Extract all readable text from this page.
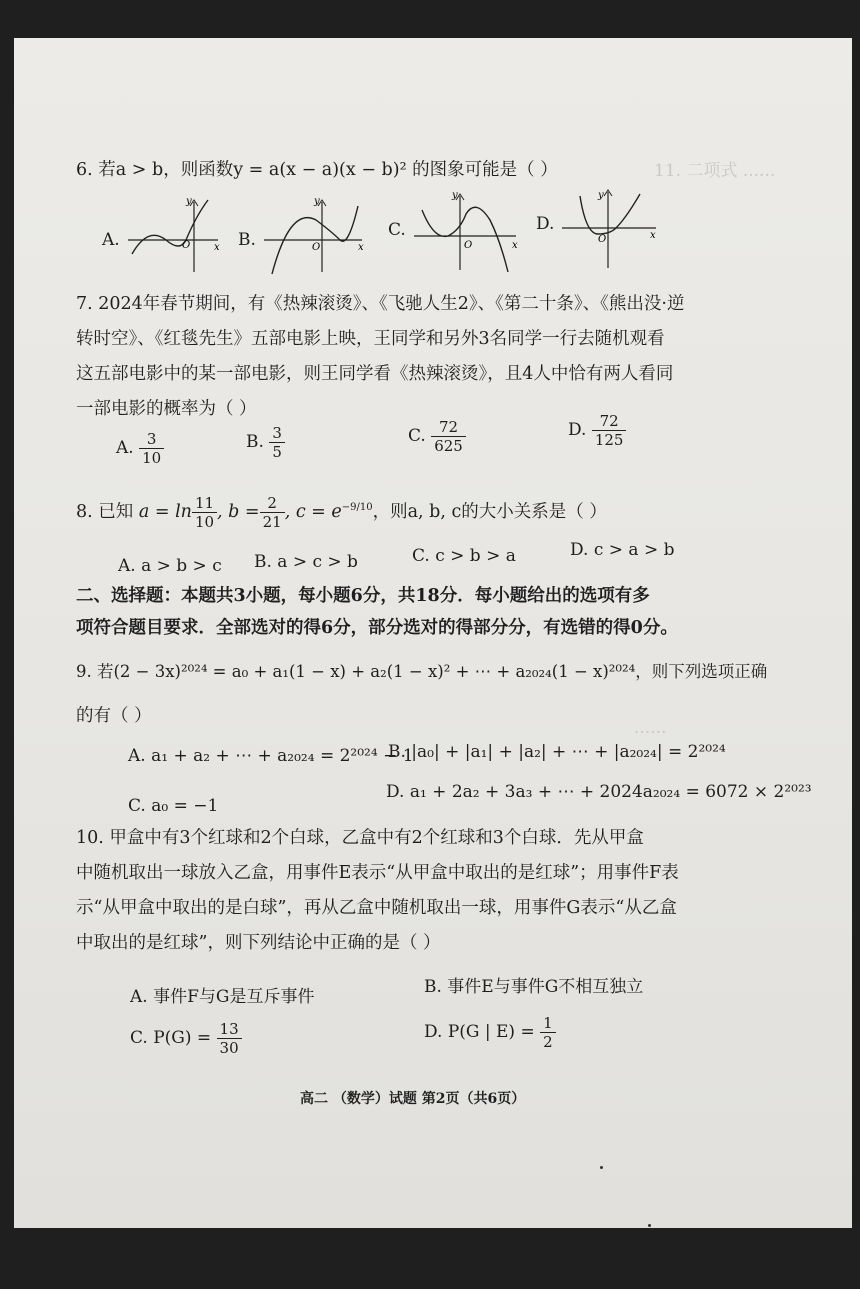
11. 二项式 ......
......
6. 若a > b，则函数y = a(x − a)(x − b)² 的图象可能是（ ）
A.	O
y
x B.	O
y
x
C.
O
y
x
D.
O
y
x
7. 2024年春节期间，有《热辣滚烫》、《飞驰人生2》、《第二十条》、《熊出没·逆
转时空》、《红毯先生》五部电影上映，王同学和另外3名同学一行去随机观看
这五部电影中的某一部电影，则王同学看《热辣滚烫》，且4人中恰有两人看同
一部电影的概率为（ ）
A. $\frac{3}{10}$	B. $\frac{3}{5}$	C. $\frac{72}{625}$	D. $\frac{72}{125}$
8. 已知 $a = \ln \frac{11}{10}$ , $b = \frac{2}{21}$ , $c = e^{-9/10}$，则a, b, c的大小关系是（ ）
A. a > b > c B. a > c > b	C. c > b > a	D. c > a > b
二、选择题：本题共3小题，每小题6分，共18分．每小题给出的选项有多
项符合题目要求．全部选对的得6分，部分选对的得部分分，有选错的得0分。
9. 若(2 − 3x)²⁰²⁴ = a₀ + a₁(1 − x) + a₂(1 − x)² + ⋯ + a₂₀₂₄(1 − x)²⁰²⁴，则下列选项正确
的有（ ）
A. a₁ + a₂ + ⋯ + a₂₀₂₄ = 2²⁰²⁴ − 1
B. |a₀| + |a₁| + |a₂| + ⋯ + |a₂₀₂₄| = 2²⁰²⁴
C. a₀ = −1
D. a₁ + 2a₂ + 3a₃ + ⋯ + 2024a₂₀₂₄ = 6072 × 2²⁰²³
10. 甲盒中有3个红球和2个白球，乙盒中有2个红球和3个白球．先从甲盒
中随机取出一球放入乙盒，用事件E表示“从甲盒中取出的是红球”；用事件F表
示“从甲盒中取出的是白球”，再从乙盒中随机取出一球，用事件G表示“从乙盒
中取出的是红球”，则下列结论中正确的是（ ）
A. 事件F与G是互斥事件	B. 事件E与事件G不相互独立
C. $P(G) = \frac{13}{30}$	D. P(G | $E) = \frac{1}{2}$
高二 （数学）试题 第2页（共6页）
